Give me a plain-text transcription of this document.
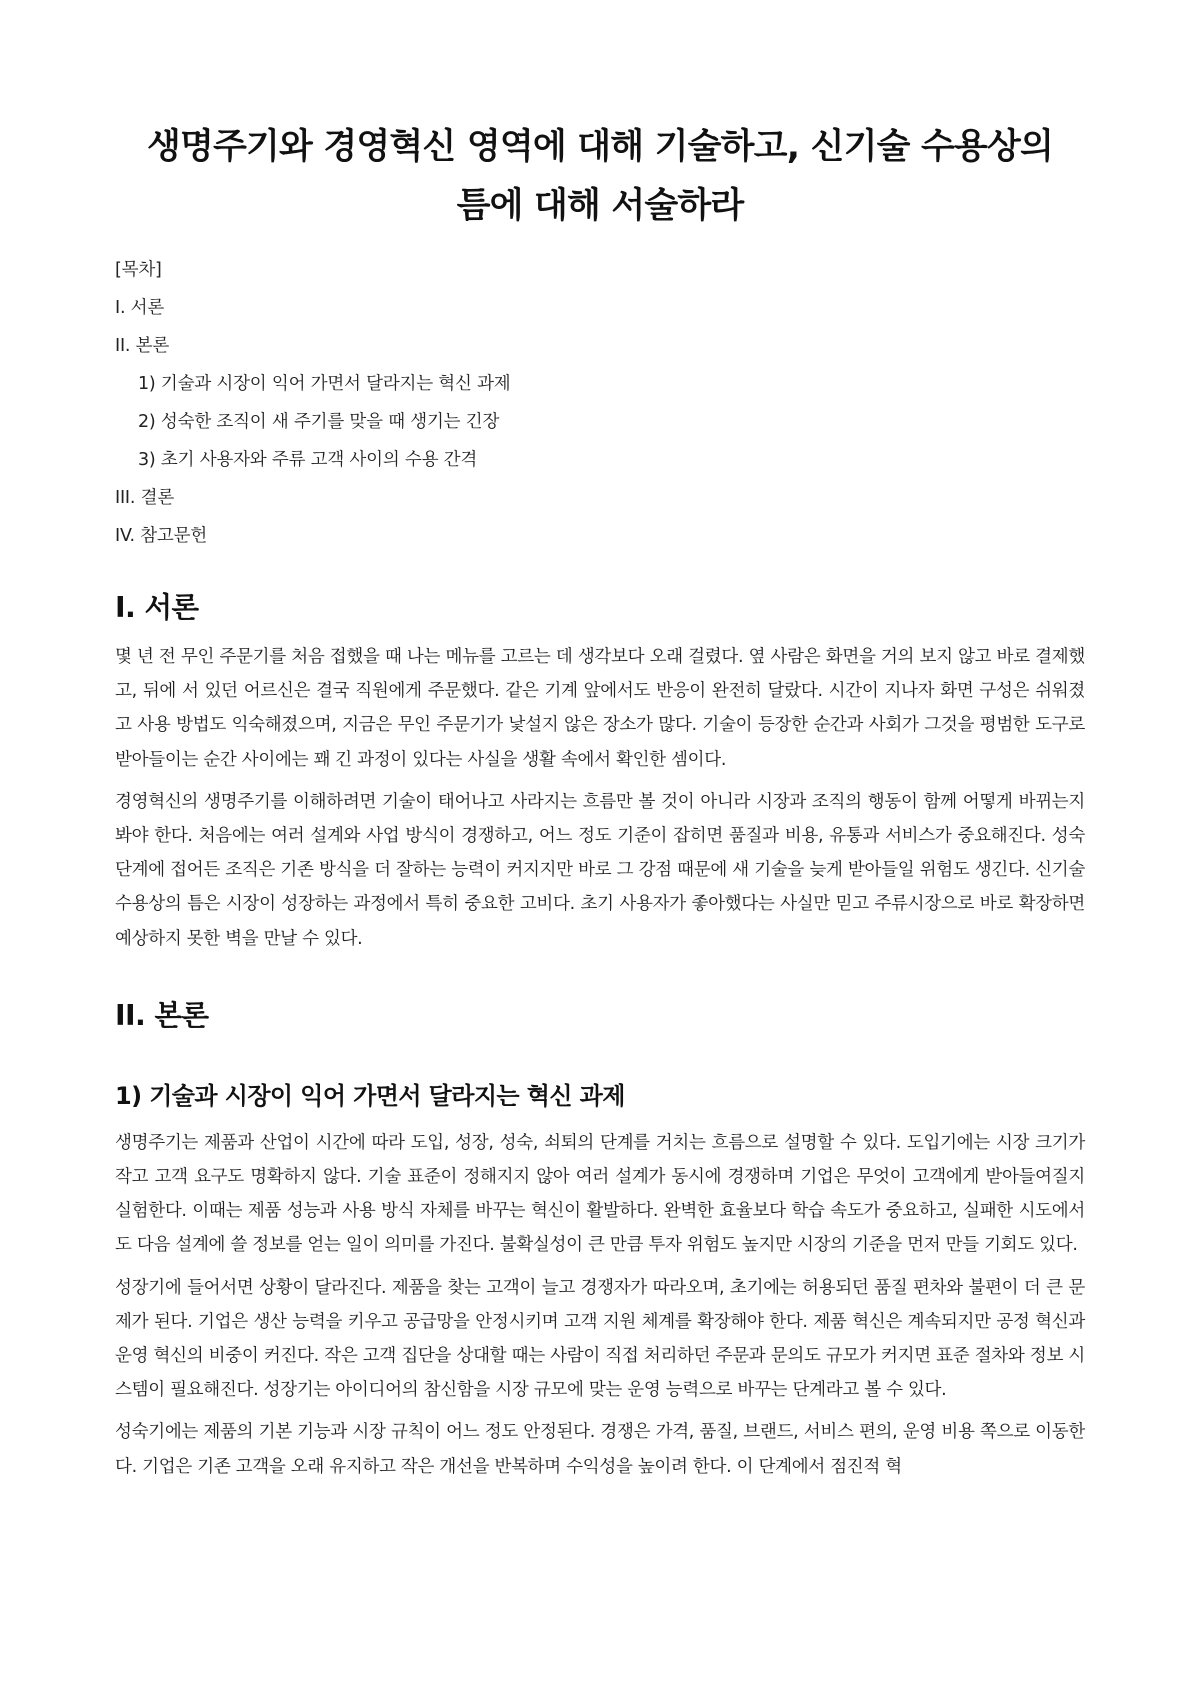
생명주기와 경영혁신 영역에 대해 기술하고, 신기술 수용상의
틈에 대해 서술하라
[목차]
I. 서론
II. 본론
1) 기술과 시장이 익어 가면서 달라지는 혁신 과제
2) 성숙한 조직이 새 주기를 맞을 때 생기는 긴장
3) 초기 사용자와 주류 고객 사이의 수용 간격
III. 결론
IV. 참고문헌
I. 서론

몇 년 전 무인 주문기를 처음 접했을 때 나는 메뉴를 고르는 데 생각보다 오래 걸렸다. 옆 사람은 화면을 거의 보지 않고 바로 결제했고, 뒤에 서 있던 어르신은 결국 직원에게 주문했다. 같은 기계 앞에서도 반응이 완전히 달랐다. 시간이 지나자 화면 구성은 쉬워졌고 사용 방법도 익숙해졌으며, 지금은 무인 주문기가 낯설지 않은 장소가 많다. 기술이 등장한 순간과 사회가 그것을 평범한 도구로 받아들이는 순간 사이에는 꽤 긴 과정이 있다는 사실을 생활 속에서 확인한 셈이다.

경영혁신의 생명주기를 이해하려면 기술이 태어나고 사라지는 흐름만 볼 것이 아니라 시장과 조직의 행동이 함께 어떻게 바뀌는지 봐야 한다. 처음에는 여러 설계와 사업 방식이 경쟁하고, 어느 정도 기준이 잡히면 품질과 비용, 유통과 서비스가 중요해진다. 성숙 단계에 접어든 조직은 기존 방식을 더 잘하는 능력이 커지지만 바로 그 강점 때문에 새 기술을 늦게 받아들일 위험도 생긴다. 신기술 수용상의 틈은 시장이 성장하는 과정에서 특히 중요한 고비다. 초기 사용자가 좋아했다는 사실만 믿고 주류시장으로 바로 확장하면 예상하지 못한 벽을 만날 수 있다.

II. 본론
1) 기술과 시장이 익어 가면서 달라지는 혁신 과제

생명주기는 제품과 산업이 시간에 따라 도입, 성장, 성숙, 쇠퇴의 단계를 거치는 흐름으로 설명할 수 있다. 도입기에는 시장 크기가 작고 고객 요구도 명확하지 않다. 기술 표준이 정해지지 않아 여러 설계가 동시에 경쟁하며 기업은 무엇이 고객에게 받아들여질지 실험한다. 이때는 제품 성능과 사용 방식 자체를 바꾸는 혁신이 활발하다. 완벽한 효율보다 학습 속도가 중요하고, 실패한 시도에서도 다음 설계에 쓸 정보를 얻는 일이 의미를 가진다. 불확실성이 큰 만큼 투자 위험도 높지만 시장의 기준을 먼저 만들 기회도 있다.

성장기에 들어서면 상황이 달라진다. 제품을 찾는 고객이 늘고 경쟁자가 따라오며, 초기에는 허용되던 품질 편차와 불편이 더 큰 문제가 된다. 기업은 생산 능력을 키우고 공급망을 안정시키며 고객 지원 체계를 확장해야 한다. 제품 혁신은 계속되지만 공정 혁신과 운영 혁신의 비중이 커진다. 작은 고객 집단을 상대할 때는 사람이 직접 처리하던 주문과 문의도 규모가 커지면 표준 절차와 정보 시스템이 필요해진다. 성장기는 아이디어의 참신함을 시장 규모에 맞는 운영 능력으로 바꾸는 단계라고 볼 수 있다.

성숙기에는 제품의 기본 기능과 시장 규칙이 어느 정도 안정된다. 경쟁은 가격, 품질, 브랜드, 서비스 편의, 운영 비용 쪽으로 이동한다. 기업은 기존 고객을 오래 유지하고 작은 개선을 반복하며 수익성을 높이려 한다. 이 단계에서 점진적 혁
